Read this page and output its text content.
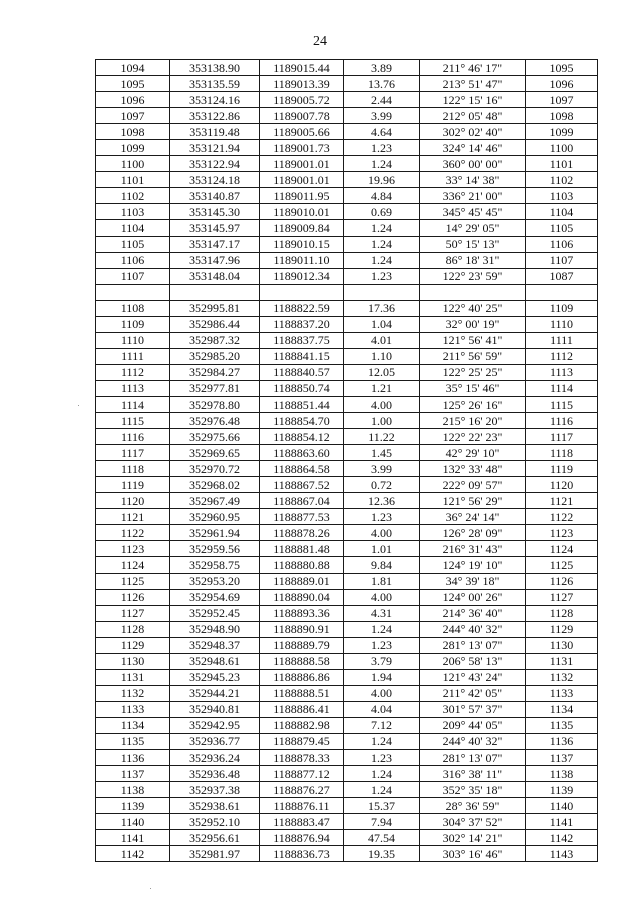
24
1094	353138.90	1189015.44	3.89	211° 46' 17"	1095
1095	353135.59	1189013.39	13.76	213° 51' 47"	1096
1096	353124.16	1189005.72	2.44	122° 15' 16"	1097
1097	353122.86	1189007.78	3.99	212° 05' 48"	1098
1098	353119.48	1189005.66	4.64	302° 02' 40"	1099
1099	353121.94	1189001.73	1.23	324° 14' 46"	1100
1100	353122.94	1189001.01	1.24	360° 00' 00"	1101
1101	353124.18	1189001.01	19.96	33° 14' 38"	1102
1102	353140.87	1189011.95	4.84	336° 21' 00"	1103
1103	353145.30	1189010.01	0.69	345° 45' 45"	1104
1104	353145.97	1189009.84	1.24	14° 29' 05"	1105
1105	353147.17	1189010.15	1.24	50° 15' 13"	1106
1106	353147.96	1189011.10	1.24	86° 18' 31"	1107
1107	353148.04	1189012.34	1.23	122° 23' 59"	1087

1108	352995.81	1188822.59	17.36	122° 40' 25"	1109
1109	352986.44	1188837.20	1.04	32° 00' 19"	1110
1110	352987.32	1188837.75	4.01	121° 56' 41"	1111
1111	352985.20	1188841.15	1.10	211° 56' 59"	1112
1112	352984.27	1188840.57	12.05	122° 25' 25"	1113
1113	352977.81	1188850.74	1.21	35° 15' 46"	1114
1114	352978.80	1188851.44	4.00	125° 26' 16"	1115
1115	352976.48	1188854.70	1.00	215° 16' 20"	1116
1116	352975.66	1188854.12	11.22	122° 22' 23"	1117
1117	352969.65	1188863.60	1.45	42° 29' 10"	1118
1118	352970.72	1188864.58	3.99	132° 33' 48"	1119
1119	352968.02	1188867.52	0.72	222° 09' 57"	1120
1120	352967.49	1188867.04	12.36	121° 56' 29"	1121
1121	352960.95	1188877.53	1.23	36° 24' 14"	1122
1122	352961.94	1188878.26	4.00	126° 28' 09"	1123
1123	352959.56	1188881.48	1.01	216° 31' 43"	1124
1124	352958.75	1188880.88	9.84	124° 19' 10"	1125
1125	352953.20	1188889.01	1.81	34° 39' 18"	1126
1126	352954.69	1188890.04	4.00	124° 00' 26"	1127
1127	352952.45	1188893.36	4.31	214° 36' 40"	1128
1128	352948.90	1188890.91	1.24	244° 40' 32"	1129
1129	352948.37	1188889.79	1.23	281° 13' 07"	1130
1130	352948.61	1188888.58	3.79	206° 58' 13"	1131
1131	352945.23	1188886.86	1.94	121° 43' 24"	1132
1132	352944.21	1188888.51	4.00	211° 42' 05"	1133
1133	352940.81	1188886.41	4.04	301° 57' 37"	1134
1134	352942.95	1188882.98	7.12	209° 44' 05"	1135
1135	352936.77	1188879.45	1.24	244° 40' 32"	1136
1136	352936.24	1188878.33	1.23	281° 13' 07"	1137
1137	352936.48	1188877.12	1.24	316° 38' 11"	1138
1138	352937.38	1188876.27	1.24	352° 35' 18"	1139
1139	352938.61	1188876.11	15.37	28° 36' 59"	1140
1140	352952.10	1188883.47	7.94	304° 37' 52"	1141
1141	352956.61	1188876.94	47.54	302° 14' 21"	1142
1142	352981.97	1188836.73	19.35	303° 16' 46"	1143
